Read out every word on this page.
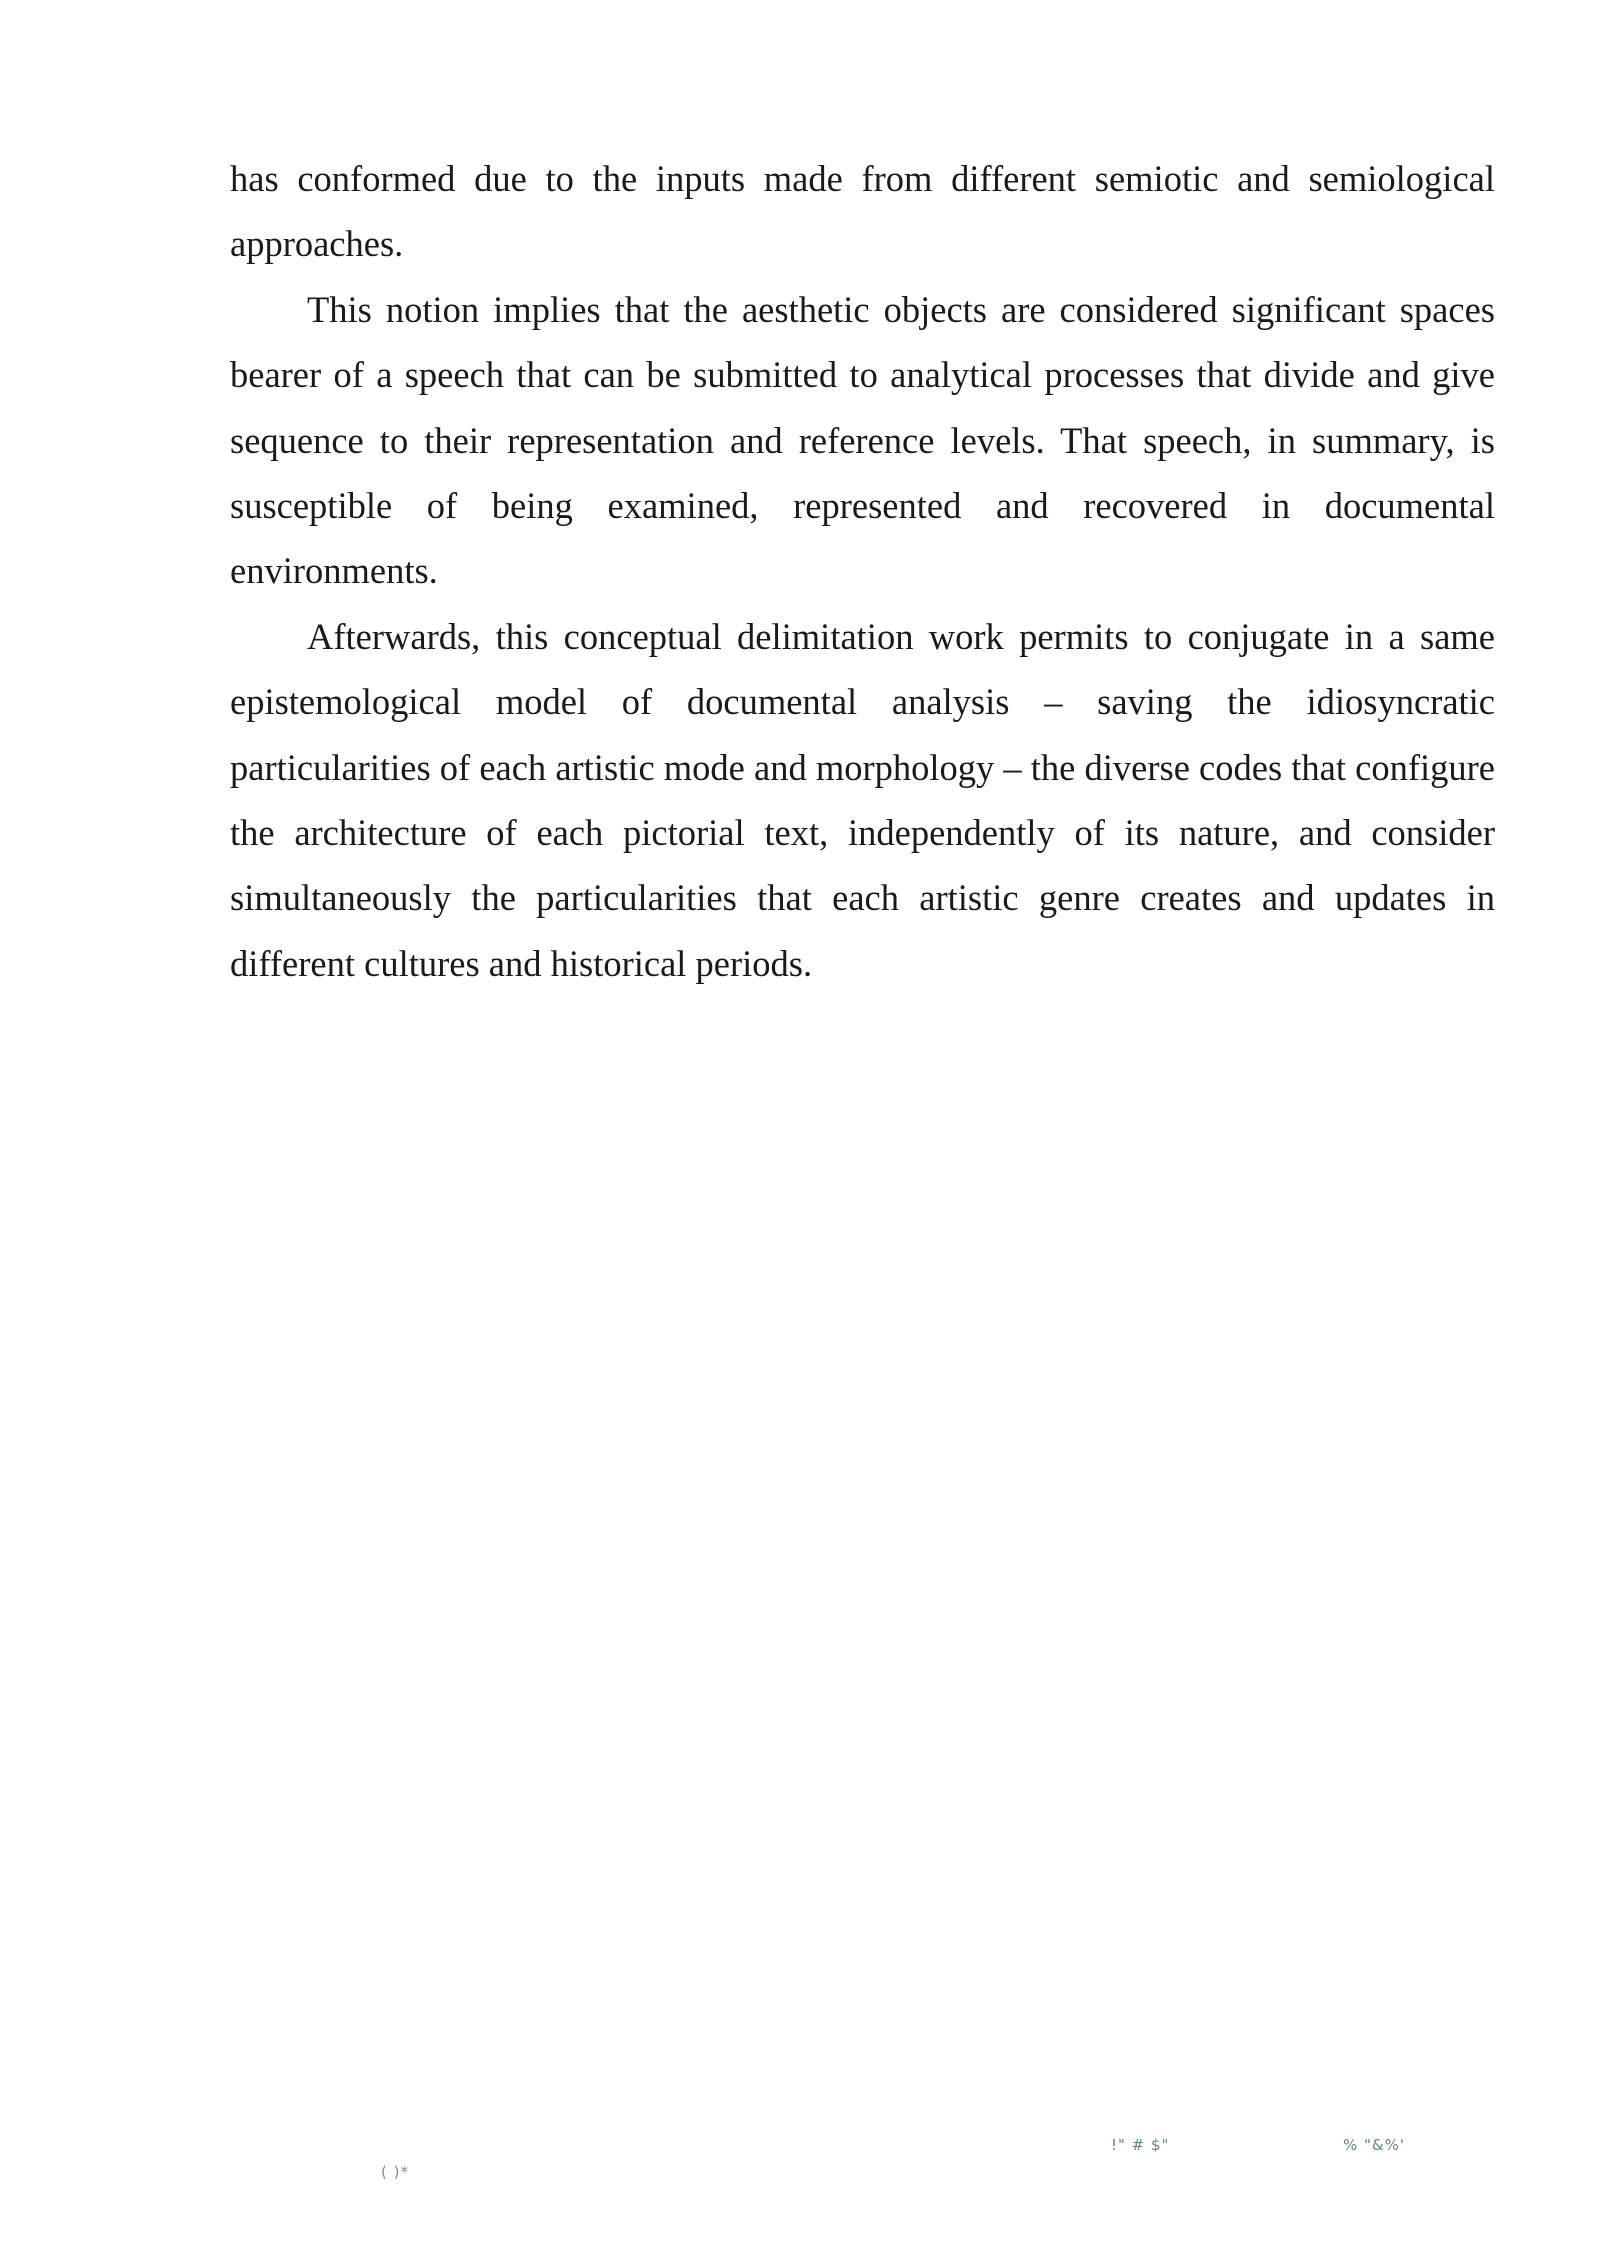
has conformed due to the inputs made from different semiotic and semiological approaches.

This notion implies that the aesthetic objects are considered significant spaces bearer of a speech that can be submitted to analytical processes that divide and give sequence to their representation and reference levels. That speech, in summary, is susceptible of being examined, represented and recovered in documental environments.

Afterwards, this conceptual delimitation work permits to conjugate in a same epistemological model of documental analysis – saving the idiosyncratic particularities of each artistic mode and morphology – the diverse codes that configure the architecture of each pictorial text, independently of its nature, and consider simultaneously the particularities that each artistic genre creates and updates in different cultures and historical periods.

( )*
!" # $"	% "&%'
